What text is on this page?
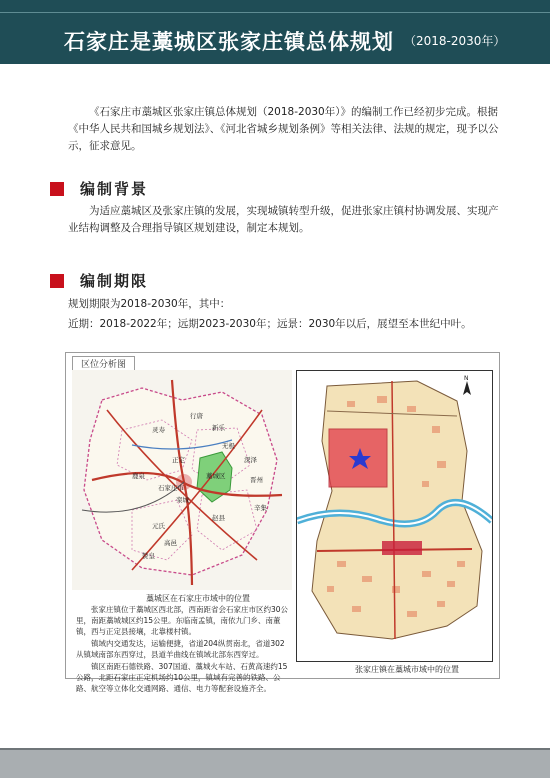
石家庄是藁城区张家庄镇总体规划 （2018-2030年）
《石家庄市藁城区张家庄镇总体规划（2018-2030年）》的编制工作已经初步完成。根据《中华人民共和国城乡规划法》、《河北省城乡规划条例》等相关法律、法规的规定，现予以公示，征求意见。
编制背景
为适应藁城区及张家庄镇的发展，实现城镇转型升级，促进张家庄镇村协调发展、实现产业结构调整及合理指导镇区规划建设，制定本规划。
编制期限
规划期限为2018-2030年，其中：
近期：2018-2022年；远期2023-2030年；远景：2030年以后，展望至本世纪中叶。
区位分析图
行唐
灵寿	新乐
无极
正定	深泽
鹿泉	藁城区	晋州
辛集
栾城
赵县
元氏
高邑
赞皇
石家庄市
藁城区在石家庄市域中的位置

张家庄镇位于藁城区西北部，西南距省会石家庄市区约30公里，南距藁城城区约15公里。东临南孟镇，南依九门乡、南董镇，西与正定县接壤，北靠楼村镇。

镇域内交通发达，运输便捷，省道204纵贯南北，省道302从镇域南部东西穿过，县道羊曲线在镇域北部东西穿过。

镇区南距石德铁路、307国道、藁城火车站、石黄高速约15公路，北距石家庄正定机场约10公里，镇域有完善的铁路、公路、航空等立体化交通网路、通信、电力等配套设施齐全。

N
张家庄镇在藁城市域中的位置
